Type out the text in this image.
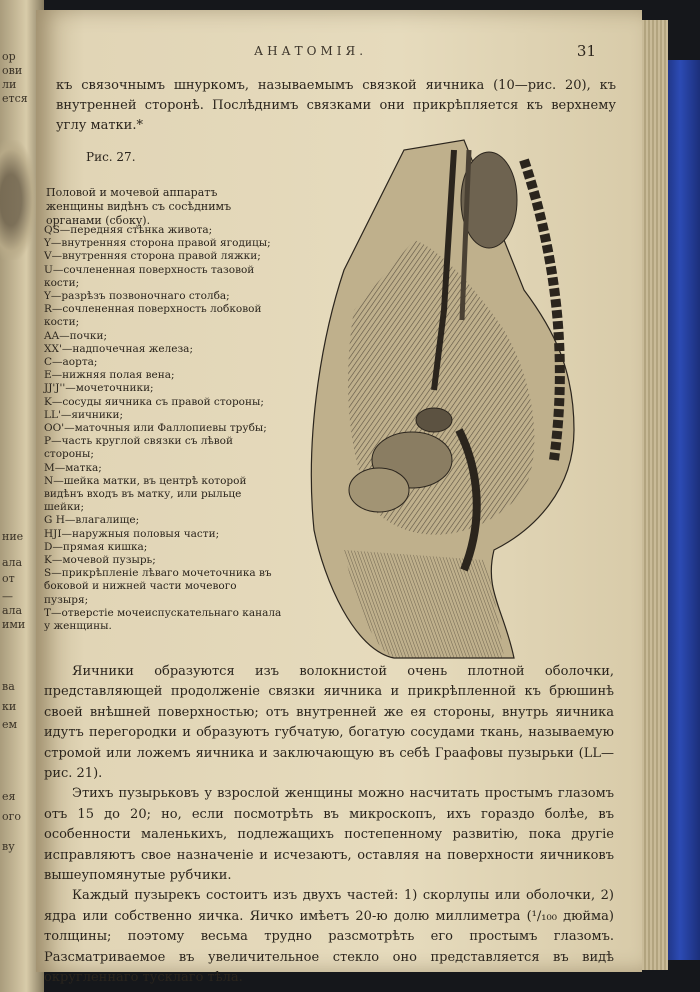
ор
ови
ли
ется
ние
ала
от
—
ала
ими
ва
ки
ем
ея
ого
ву
АНАТОМІЯ.	31
къ связочнымъ шнуркомъ, называемымъ связкой яичника (10—рис. 20), къ внутренней сторонѣ. Послѣднимъ связками они прикрѣпляется къ верхнему углу матки.*
Рис. 27.
Половой и мочевой аппаратъ женщины видѣнъ съ сосѣднимъ органами (сбоку).
QS—передняя стѣнка живота;
Y—внутренняя сторона правой ягодицы;
V—внутренняя сторона правой ляжки;
U—сочлененная поверхность тазовой кости;
Y—разрѣзъ позвоночнаго столба;
R—сочлененная поверхность лобковой кости;
AA—почки;
XX'—надпочечная железа;
C—аорта;
E—нижняя полая вена;
JJ'J''—мочеточники;
K—сосуды яичника съ правой стороны;
LL'—яичники;
OO'—маточныя или Фаллопиевы трубы;
P—часть круглой связки съ лѣвой стороны;
M—матка;
N—шейка матки, въ центрѣ которой видѣнъ входъ въ матку, или рыльце шейки;
G H—влагалище;
HJI—наружныя половыя части;
D—прямая кишка;
K—мочевой пузырь;
S—прикрѣпленіе лѣваго мочеточника въ боковой и нижней части мочевого пузыря;
T—отверстіе мочеиспускательнаго канала у женщины.

Яичники образуются изъ волокнистой очень плотной оболочки, представляющей продолженіе связки яичника и прикрѣпленной къ брюшинѣ своей внѣшней поверхностью; отъ внутренней же ея стороны, внутрь яичника идутъ перегородки и образуютъ губчатую, богатую сосудами ткань, называемую стромой или ложемъ яичника и заключающую въ себѣ Граафовы пузырьки (LL—рис. 21).

Этихъ пузырьковъ у взрослой женщины можно насчитать простымъ глазомъ отъ 15 до 20; но, если посмотрѣть въ микроскопъ, ихъ гораздо болѣе, въ особенности маленькихъ, подлежащихъ постепенному развитію, пока другіе исправляютъ свое назначеніе и исчезаютъ, оставляя на поверхности яичниковъ вышеупомянутые рубчики.

Каждый пузырекъ состоитъ изъ двухъ частей: 1) скорлупы или оболочки, 2) ядра или собственно яичка. Яичко имѣетъ 20-ю долю миллиметра (¹/₁₀₀ дюйма) толщины; поэтому весьма трудно разсмотрѣть его простымъ глазомъ. Разсматриваемое въ увеличительное стекло оно представляется въ видѣ округленнаго тусклаго тѣла.
